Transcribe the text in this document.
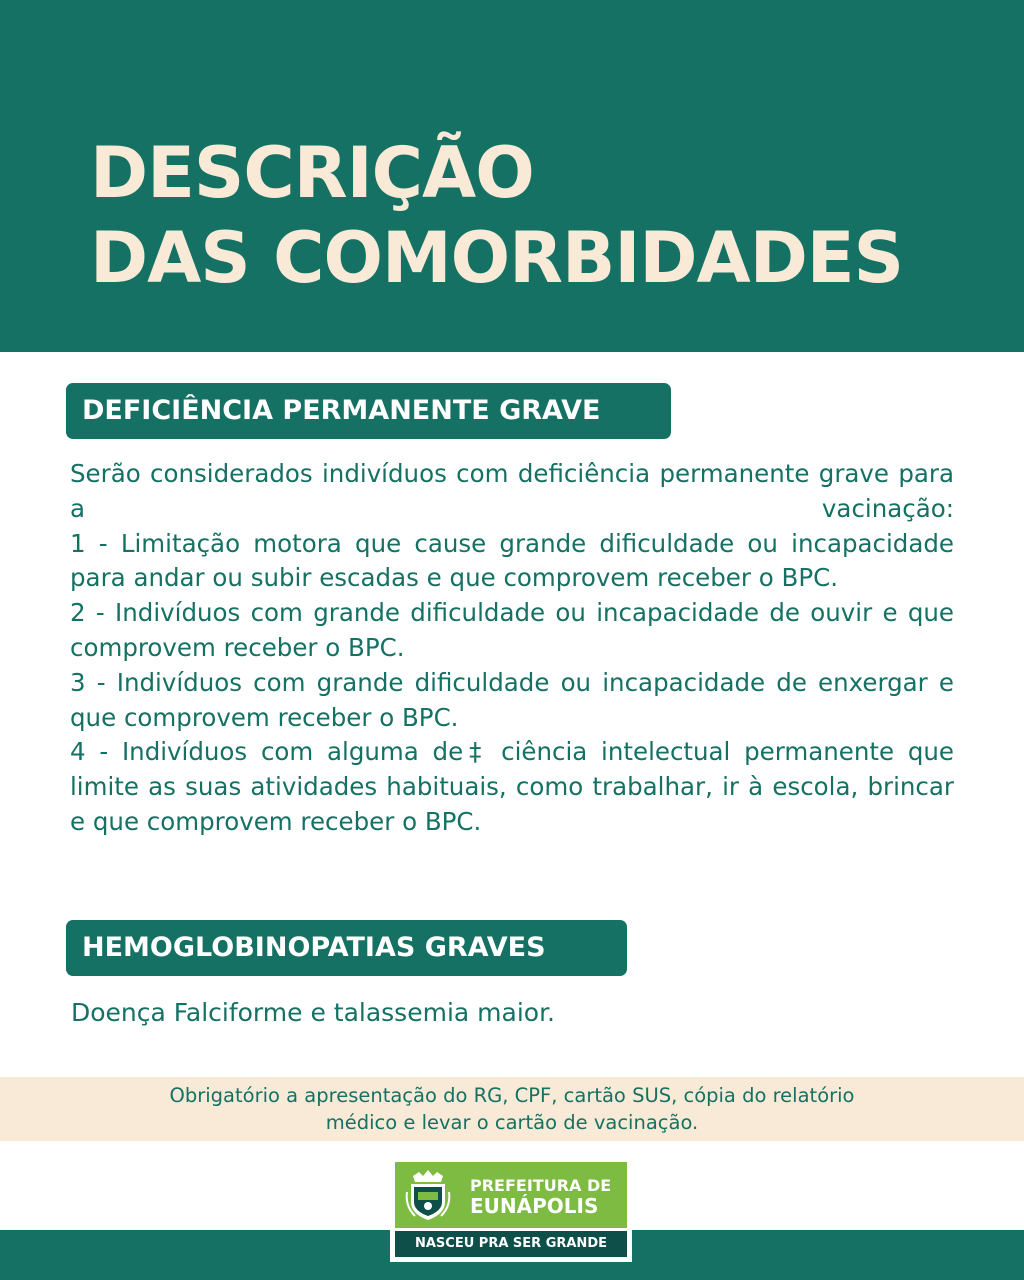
DESCRIÇÃO
DAS COMORBIDADES
DEFICIÊNCIA PERMANENTE GRAVE

Serão considerados indivíduos com deficiência permanente grave para a vacinação:

1 - Limitação motora que cause grande dificuldade ou incapacidade para andar ou subir escadas e que comprovem receber o BPC.

2 - Indivíduos com grande dificuldade ou incapacidade de ouvir e que comprovem receber o BPC.

3 - Indivíduos com grande dificuldade ou incapacidade de enxergar e que comprovem receber o BPC.

4 - Indivíduos com alguma de‡ ciência intelectual permanente que limite as suas atividades habituais, como trabalhar, ir à escola, brincar e que comprovem receber o BPC.

HEMOGLOBINOPATIAS GRAVES
Doença Falciforme e talassemia maior.
Obrigatório a apresentação do RG, CPF, cartão SUS, cópia do relatório
médico e levar o cartão de vacinação.
PREFEITURA DE
EUNÁPOLIS
NASCEU PRA SER GRANDE
